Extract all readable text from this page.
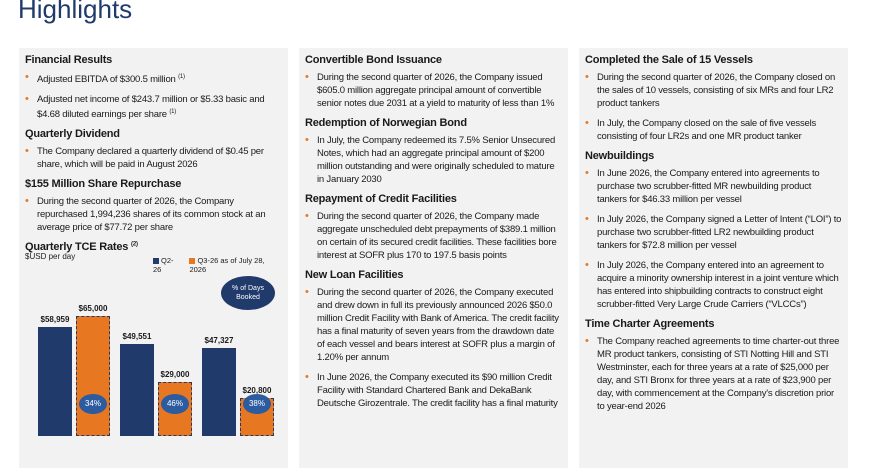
Highlights
Financial Results
• Adjusted EBITDA of $300.5 million $^{(1)}$
• Adjusted net income of $243.7 million or $5.33 basic and $4.68 diluted earnings per share $^{(1)}$
Quarterly Dividend
• The Company declared a quarterly dividend of $0.45 per share, which will be paid in August 2026
$155 Million Share Repurchase
• During the second quarter of 2026, the Company repurchased 1,994,236 shares of its common stock at an average price of $77.72 per share
Quarterly TCE Rates $^{(2)}$
$USD per day	Q2-26
Q3-26 as of July 28, 2026
% of Days Booked
$58,959
$49,551	$47,327
$65,000
34%
$29,000
46%
$20,800
38%
Convertible Bond Issuance
• During the second quarter of 2026, the Company issued $605.0 million aggregate principal amount of convertible senior notes due 2031 at a yield to maturity of less than 1%
Redemption of Norwegian Bond
• In July, the Company redeemed its 7.5% Senior Unsecured Notes, which had an aggregate principal amount of $200 million outstanding and were originally scheduled to mature in January 2030
Repayment of Credit Facilities
• During the second quarter of 2026, the Company made aggregate unscheduled debt prepayments of $389.1 million on certain of its secured credit facilities. These facilities bore interest at SOFR plus 170 to 197.5 basis points
New Loan Facilities
• During the second quarter of 2026, the Company executed and drew down in full its previously announced 2026 $50.0 million Credit Facility with Bank of America. The credit facility has a final maturity of seven years from the drawdown date of each vessel and bears interest at SOFR plus a margin of 1.20% per annum
• In June 2026, the Company executed its $90 million Credit Facility with Standard Chartered Bank and DekaBank Deutsche Girozentrale. The credit facility has a final maturity
Completed the Sale of 15 Vessels
• During the second quarter of 2026, the Company closed on the sales of 10 vessels, consisting of six MRs and four LR2 product tankers
• In July, the Company closed on the sale of five vessels consisting of four LR2s and one MR product tanker
Newbuildings
• In June 2026, the Company entered into agreements to purchase two scrubber-fitted MR newbuilding product tankers for $46.33 million per vessel
• In July 2026, the Company signed a Letter of Intent (“LOI”) to purchase two scrubber-fitted LR2 newbuilding product tankers for $72.8 million per vessel
• In July 2026, the Company entered into an agreement to acquire a minority ownership interest in a joint venture which has entered into shipbuilding contracts to construct eight scrubber-fitted Very Large Crude Carriers (“VLCCs”)
Time Charter Agreements
• The Company reached agreements to time charter-out three MR product tankers, consisting of STI Notting Hill and STI Westminster, each for three years at a rate of $25,000 per day, and STI Bronx for three years at a rate of $23,900 per day, with commencement at the Company's discretion prior to year-end 2026
